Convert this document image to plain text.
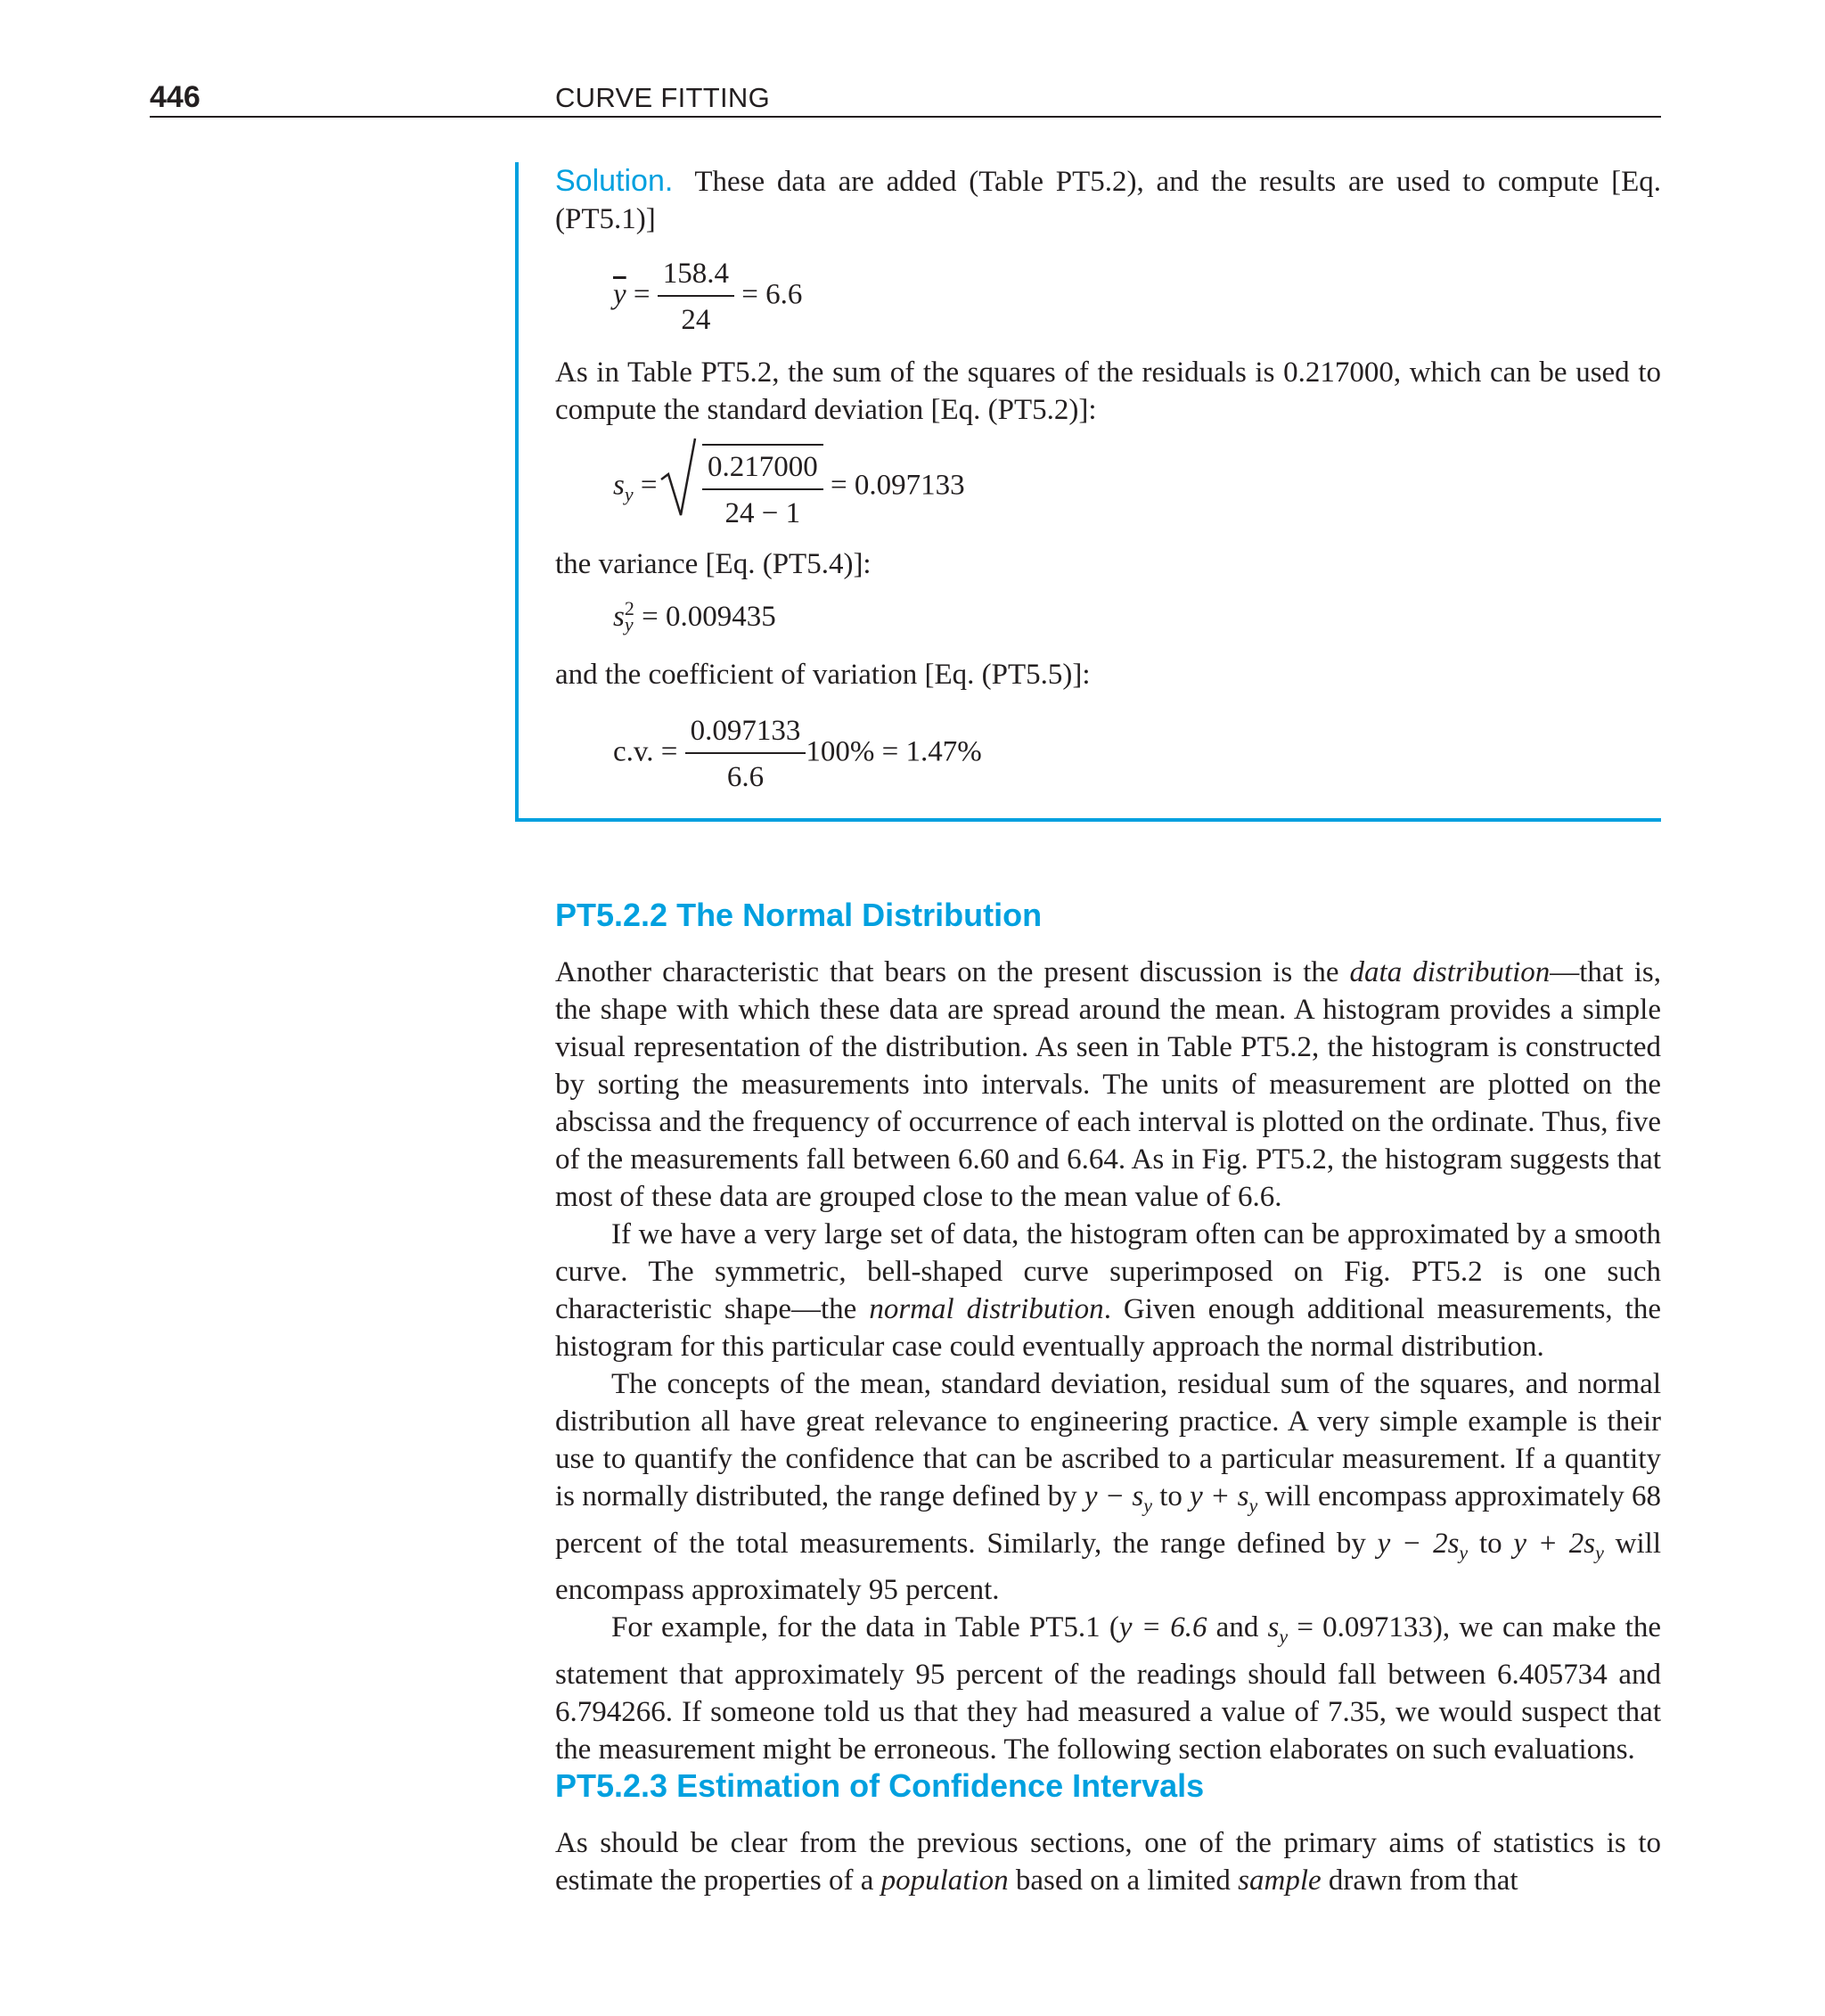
446	CURVE FITTING
Solution. These data are added (Table PT5.2), and the results are used to compute [Eq. (PT5.1)]
$\overline{y} = \frac{158.4}{24} = 6.6$
As in Table PT5.2, the sum of the squares of the residuals is 0.217000, which can be used to compute the standard deviation [Eq. (PT5.2)]:
$s_y$ =
$\frac{0.217000}{24 - 1} = 0.097133$
the variance [Eq. (PT5.4)]:
s 2
y = 0.009435
and the coefficient of variation [Eq. (PT5.5)]:
c.v. = $\frac{0.097133}{6.6} 100\% = 1.47\%$
PT5.2.2 The Normal Distribution
Another characteristic that bears on the present discussion is the data distribution—that is, the shape with which these data are spread around the mean. A histogram provides a simple visual representation of the distribution. As seen in Table PT5.2, the histogram is constructed by sorting the measurements into intervals. The units of measurement are plotted on the abscissa and the frequency of occurrence of each interval is plotted on the ordinate. Thus, five of the measurements fall between 6.60 and 6.64. As in Fig. PT5.2, the histogram suggests that most of these data are grouped close to the mean value of 6.6.
If we have a very large set of data, the histogram often can be approximated by a smooth curve. The symmetric, bell-shaped curve superimposed on Fig. PT5.2 is one such characteristic shape—the normal distribution. Given enough additional measurements, the histogram for this particular case could eventually approach the normal distribution.
The concepts of the mean, standard deviation, residual sum of the squares, and normal distribution all have great relevance to engineering practice. A very simple example is their use to quantify the confidence that can be ascribed to a particular measurement. If a quantity is normally distributed, the range defined by $y - s_y$ to $y + s_y$ will encompass approximately 68 percent of the total measurements. Similarly, the range defined by $y - 2s_y$ to $y + 2s_y$ will encompass approximately 95 percent.
For example, for the data in Table PT5.1 (y = 6.6 and $s_y = 0.097133$), we can make the statement that approximately 95 percent of the readings should fall between 6.405734 and 6.794266. If someone told us that they had measured a value of 7.35, we would suspect that the measurement might be erroneous. The following section elaborates on such evaluations.
PT5.2.3 Estimation of Confidence Intervals
As should be clear from the previous sections, one of the primary aims of statistics is to estimate the properties of a population based on a limited sample drawn from that
